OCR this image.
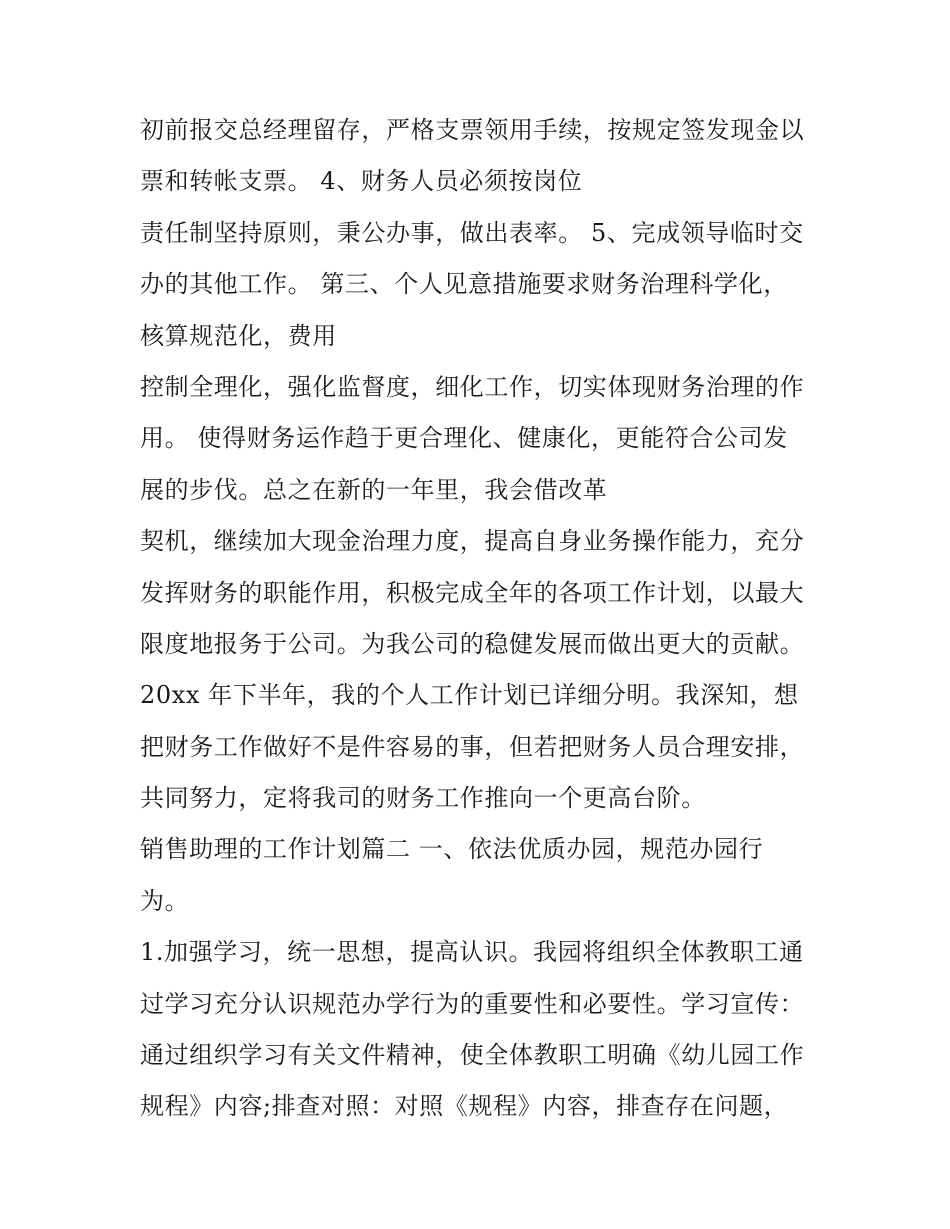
初前报交总经理留存，严格支票领用手续，按规定签发现金以
票和转帐支票。 4、财务人员必须按岗位
责任制坚持原则，秉公办事，做出表率。 5、完成领导临时交
办的其他工作。 第三、个人见意措施要求财务治理科学化，
核算规范化，费用
控制全理化，强化监督度，细化工作，切实体现财务治理的作
用。 使得财务运作趋于更合理化、健康化，更能符合公司发
展的步伐。总之在新的一年里，我会借改革
契机，继续加大现金治理力度，提高自身业务操作能力，充分
发挥财务的职能作用，积极完成全年的各项工作计划，以最大
限度地报务于公司。为我公司的稳健发展而做出更大的贡献。
20xx 年下半年，我的个人工作计划已详细分明。我深知，想
把财务工作做好不是件容易的事，但若把财务人员合理安排，
共同努力，定将我司的财务工作推向一个更高台阶。
销售助理的工作计划篇二 一、依法优质办园，规范办园行
为。
1.加强学习，统一思想，提高认识。我园将组织全体教职工通
过学习充分认识规范办学行为的重要性和必要性。学习宣传：
通过组织学习有关文件精神，使全体教职工明确《幼儿园工作
规程》内容;排查对照：对照《规程》内容，排查存在问题，
